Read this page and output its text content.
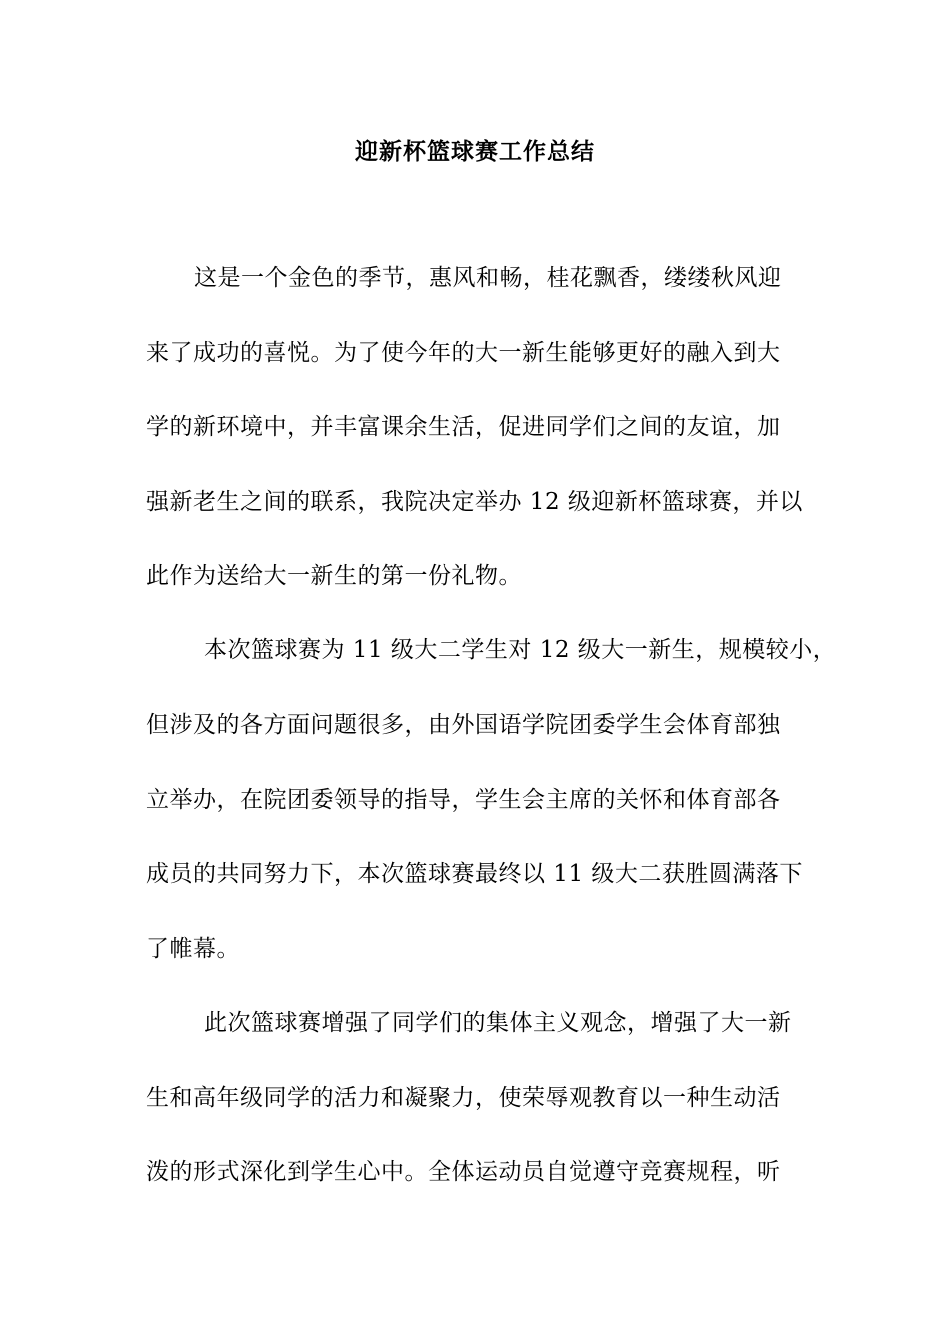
迎新杯篮球赛工作总结
这是一个金色的季节，惠风和畅，桂花飘香，缕缕秋风迎
来了成功的喜悦。为了使今年的大一新生能够更好的融入到大
学的新环境中，并丰富课余生活，促进同学们之间的友谊，加
强新老生之间的联系，我院决定举办 12 级迎新杯篮球赛，并以
此作为送给大一新生的第一份礼物。
本次篮球赛为 11 级大二学生对 12 级大一新生，规模较小，
但涉及的各方面问题很多，由外国语学院团委学生会体育部独
立举办，在院团委领导的指导，学生会主席的关怀和体育部各
成员的共同努力下，本次篮球赛最终以 11 级大二获胜圆满落下
了帷幕。
此次篮球赛增强了同学们的集体主义观念，增强了大一新
生和高年级同学的活力和凝聚力，使荣辱观教育以一种生动活
泼的形式深化到学生心中。全体运动员自觉遵守竞赛规程，听
